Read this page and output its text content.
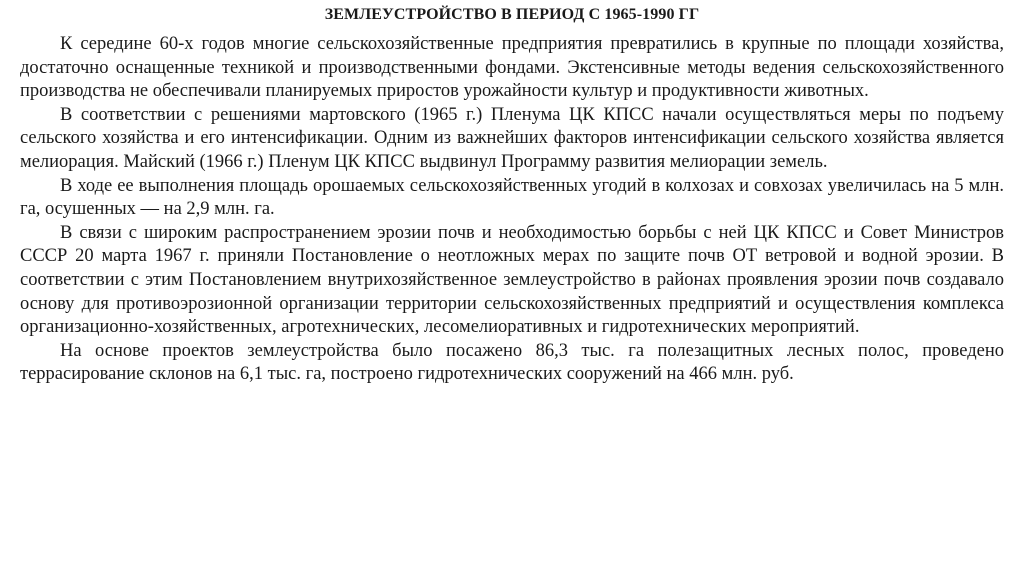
ЗЕМЛЕУСТРОЙСТВО В ПЕРИОД С 1965-1990 ГГ

К середине 60-х годов многие сельскохозяйственные предприятия превратились в крупные по площади хозяйства, достаточно оснащенные техникой и производственными фондами. Экстенсивные методы ведения сельскохозяйственного производства не обеспечивали планируемых приростов урожайности культур и продуктивности животных.

В соответствии с решениями мартовского (1965 г.) Пленума ЦК КПСС начали осуществляться меры по подъему сельского хозяйства и его интенсификации. Одним из важнейших факторов интенсификации сельского хозяйства является мелиорация. Майский (1966 г.) Пленум ЦК КПСС выдвинул Программу развития мелиорации земель.

В ходе ее выполнения площадь орошаемых сельскохозяйственных угодий в колхозах и совхозах увеличилась на 5 млн. га, осушенных — на 2,9 млн. га.

В связи с широким распространением эрозии почв и необходимостью борьбы с ней ЦК КПСС и Совет Министров СССР 20 марта 1967 г. приняли Постановление о неотложных мерах по защите почв ОТ ветровой и водной эрозии. В соответствии с этим Постановлением внутрихозяйственное землеустройство в районах проявления эрозии почв создавало основу для противоэрозионной организации территории сельскохозяйственных предприятий и осуществления комплекса организационно-хозяйственных, агротехнических, лесомелиоративных и гидротехнических мероприятий.

На основе проектов землеустройства было посажено 86,3 тыс. га полезащитных лесных полос, проведено террасирование склонов на 6,1 тыс. га, построено гидротехнических сооружений на 466 млн. руб.
